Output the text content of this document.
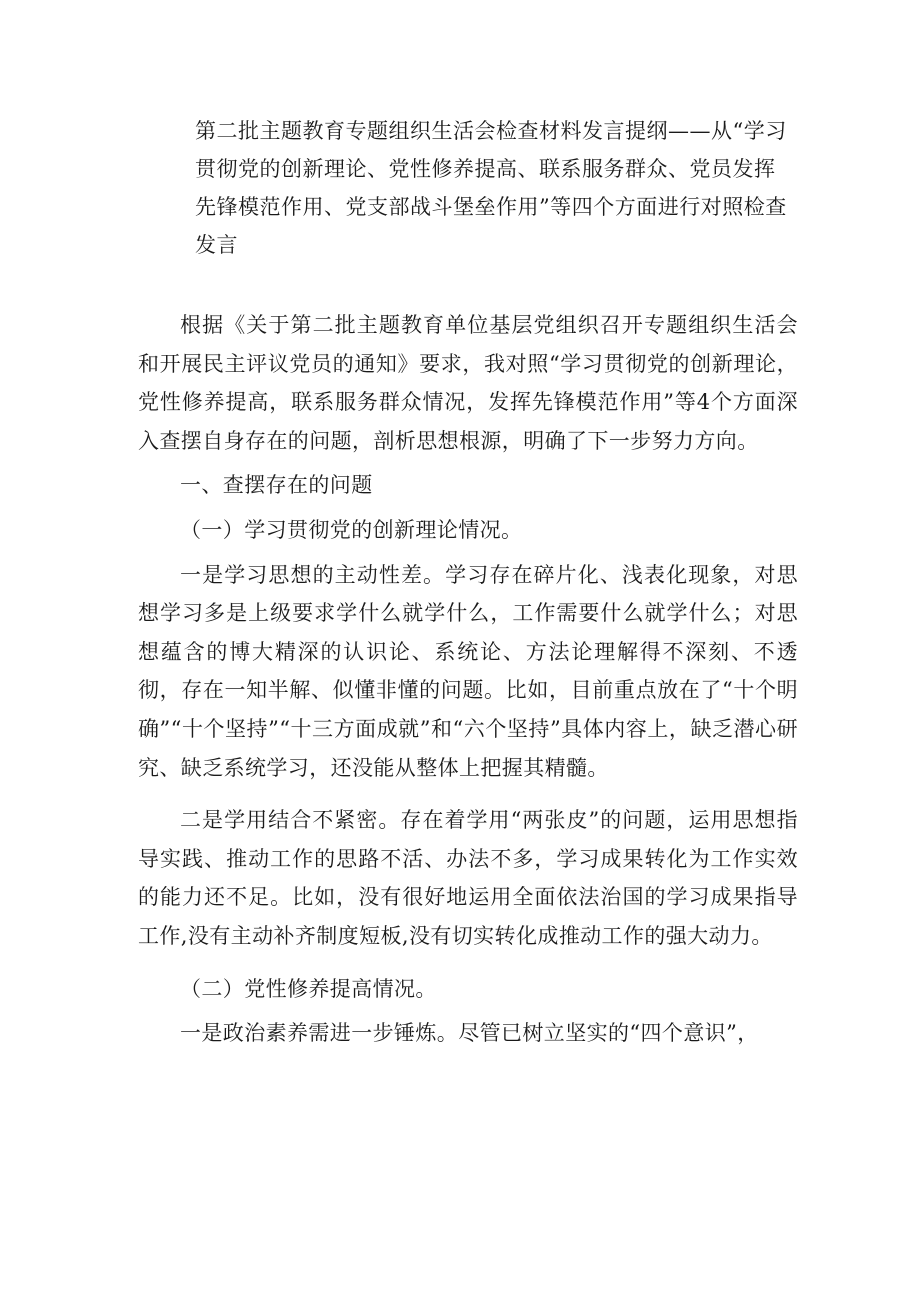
第二批主题教育专题组织生活会检查材料发言提纲——从“学习贯彻党的创新理论、党性修养提高、联系服务群众、党员发挥先锋模范作用、党支部战斗堡垒作用”等四个方面进行对照检查发言

根据《关于第二批主题教育单位基层党组织召开专题组织生活会和开展民主评议党员的通知》要求，我对照“学习贯彻党的创新理论，党性修养提高，联系服务群众情况，发挥先锋模范作用”等4个方面深入查摆自身存在的问题，剖析思想根源，明确了下一步努力方向。

一、查摆存在的问题

（一）学习贯彻党的创新理论情况。

一是学习思想的主动性差。学习存在碎片化、浅表化现象，对思想学习多是上级要求学什么就学什么，工作需要什么就学什么；对思想蕴含的博大精深的认识论、系统论、方法论理解得不深刻、不透彻，存在一知半解、似懂非懂的问题。比如，目前重点放在了“十个明确”“十个坚持”“十三方面成就”和“六个坚持”具体内容上，缺乏潜心研究、缺乏系统学习，还没能从整体上把握其精髓。

二是学用结合不紧密。存在着学用“两张皮”的问题，运用思想指导实践、推动工作的思路不活、办法不多，学习成果转化为工作实效的能力还不足。比如，没有很好地运用全面依法治国的学习成果指导工作,没有主动补齐制度短板,没有切实转化成推动工作的强大动力。

（二）党性修养提高情况。

一是政治素养需进一步锤炼。尽管已树立坚实的“四个意识”，
